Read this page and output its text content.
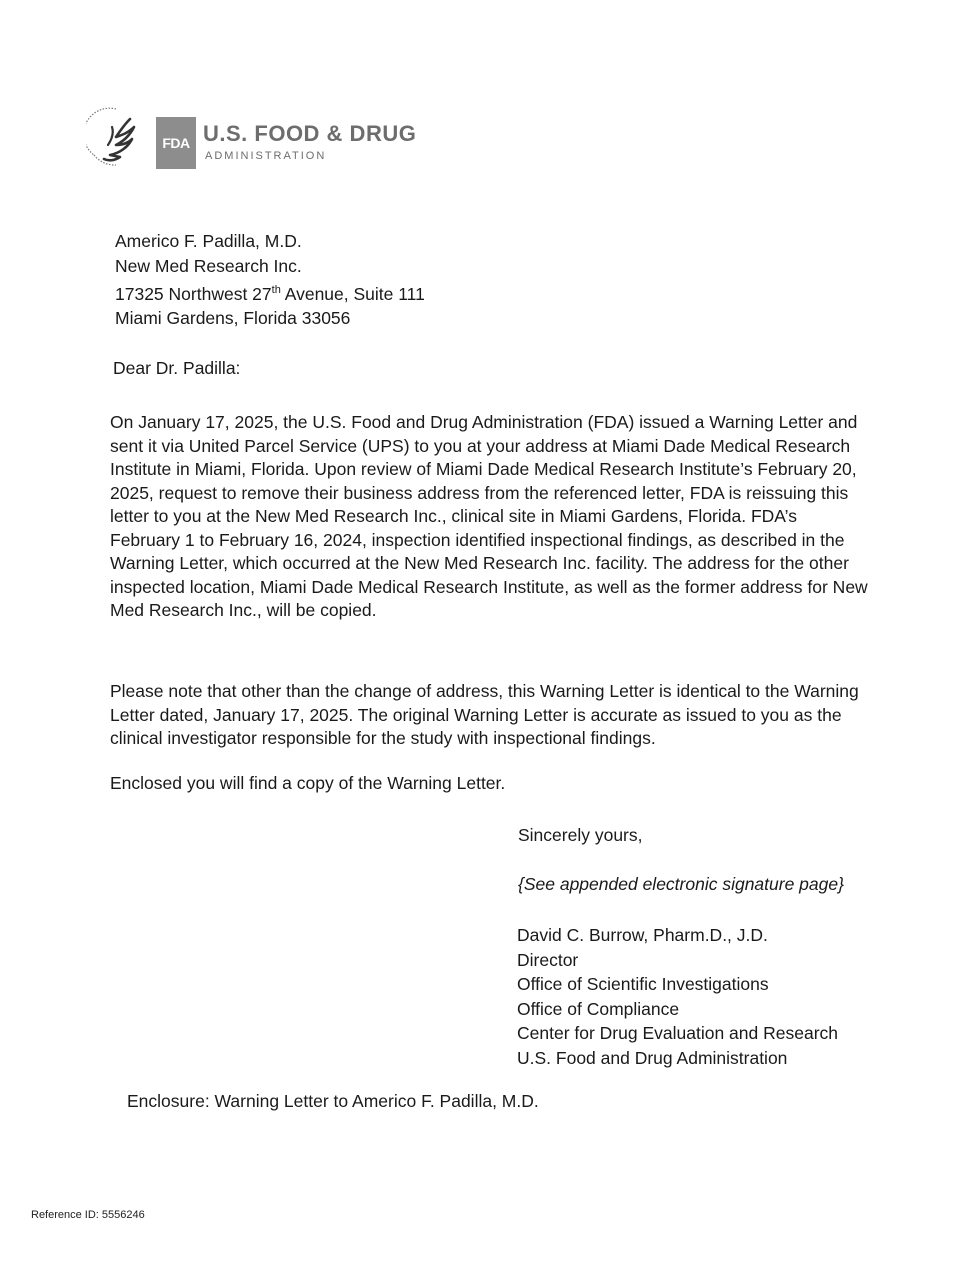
FDA U.S. FOOD & DRUG
ADMINISTRATION
Americo F. Padilla, M.D.
New Med Research Inc.
17325 Northwest 27th Avenue, Suite 111
Miami Gardens, Florida 33056
Dear Dr. Padilla:
On January 17, 2025, the U.S. Food and Drug Administration (FDA) issued a Warning Letter and sent it via United Parcel Service (UPS) to you at your address at Miami Dade Medical Research Institute in Miami, Florida. Upon review of Miami Dade Medical Research Institute’s February 20, 2025, request to remove their business address from the referenced letter, FDA is reissuing this letter to you at the New Med Research Inc., clinical site in Miami Gardens, Florida. FDA’s February 1 to February 16, 2024, inspection identified inspectional findings, as described in the Warning Letter, which occurred at the New Med Research Inc. facility. The address for the other inspected location, Miami Dade Medical Research Institute, as well as the former address for New Med Research Inc., will be copied.
Please note that other than the change of address, this Warning Letter is identical to the Warning Letter dated, January 17, 2025. The original Warning Letter is accurate as issued to you as the clinical investigator responsible for the study with inspectional findings.
Enclosed you will find a copy of the Warning Letter.
Sincerely yours,
{See appended electronic signature page}
David C. Burrow, Pharm.D., J.D.
Director
Office of Scientific Investigations
Office of Compliance
Center for Drug Evaluation and Research
U.S. Food and Drug Administration
Enclosure: Warning Letter to Americo F. Padilla, M.D.
Reference ID: 5556246
